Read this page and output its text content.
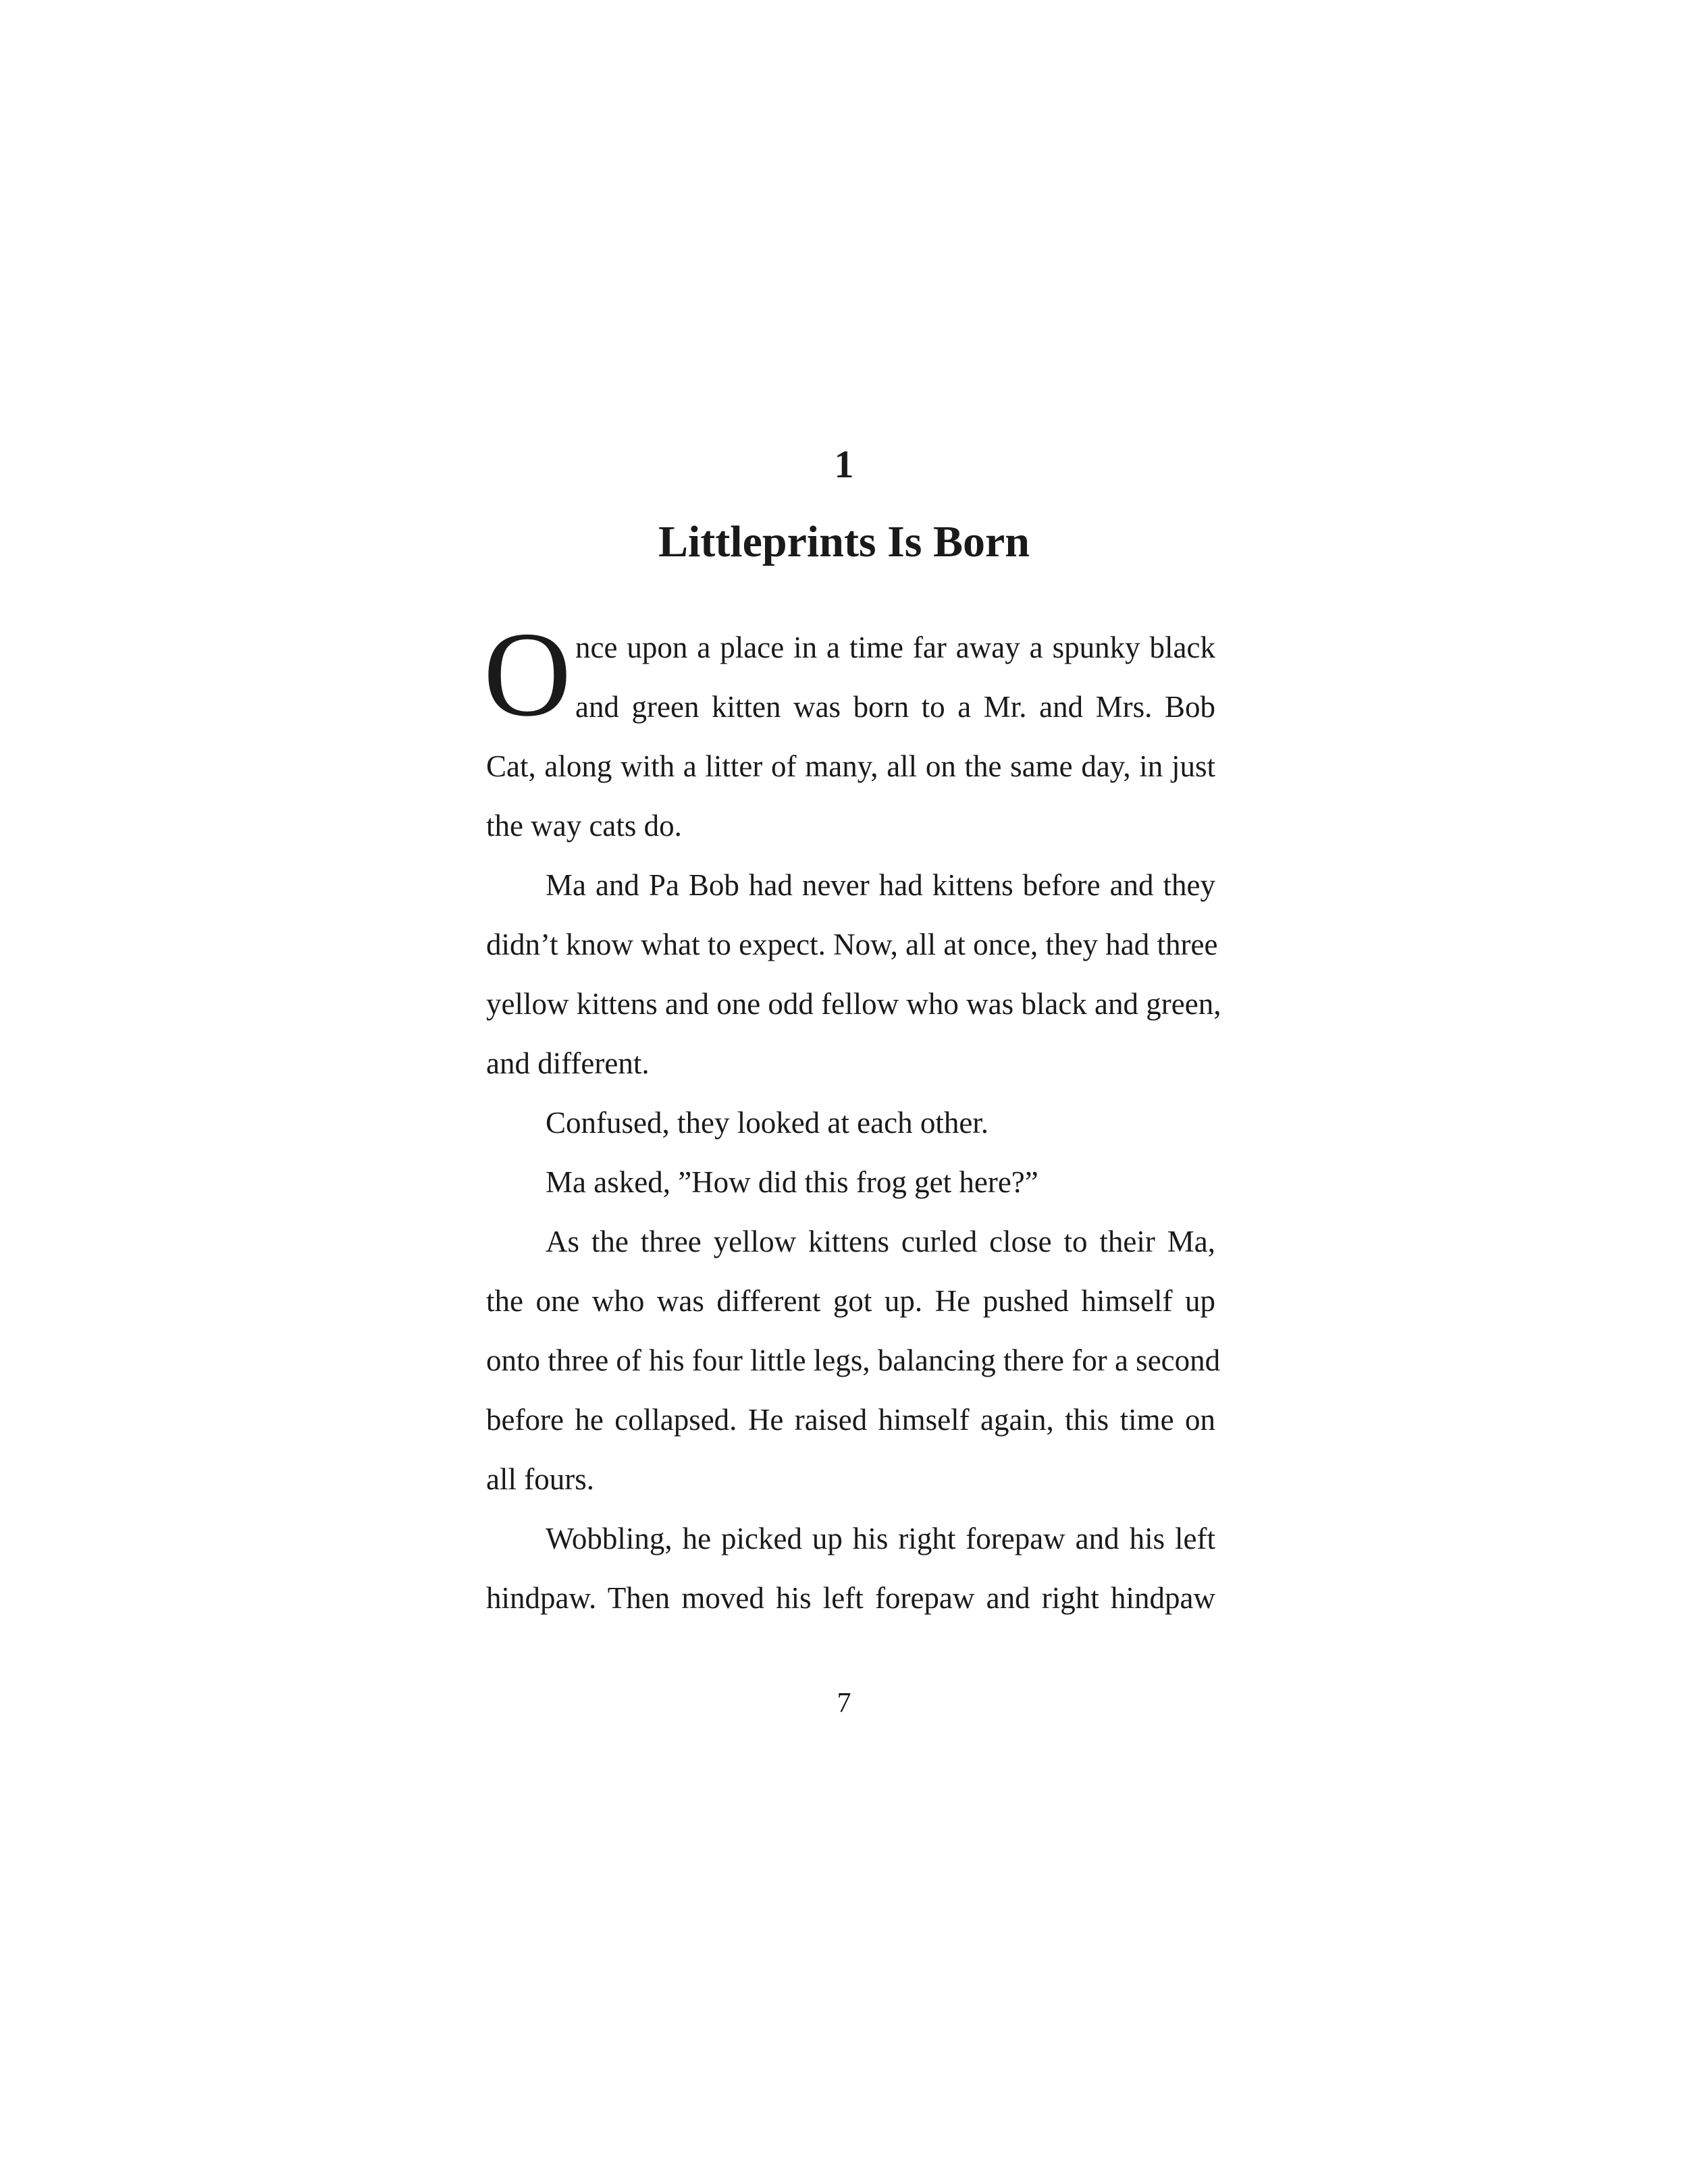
1
Littleprints Is Born
O nce upon a place in a time far away a spunky black
and green kitten was born to a Mr. and Mrs. Bob
Cat, along with a litter of many, all on the same day, in just
the way cats do.
Ma and Pa Bob had never had kittens before and they
didn’t know what to expect. Now, all at once, they had three
yellow kittens and one odd fellow who was black and green,
and different.
Confused, they looked at each other.
Ma asked, ”How did this frog get here?”
As the three yellow kittens curled close to their Ma,
the one who was different got up. He pushed himself up
onto three of his four little legs, balancing there for a second
before he collapsed. He raised himself again, this time on
all fours.
Wobbling, he picked up his right forepaw and his left
hindpaw. Then moved his left forepaw and right hindpaw
7
